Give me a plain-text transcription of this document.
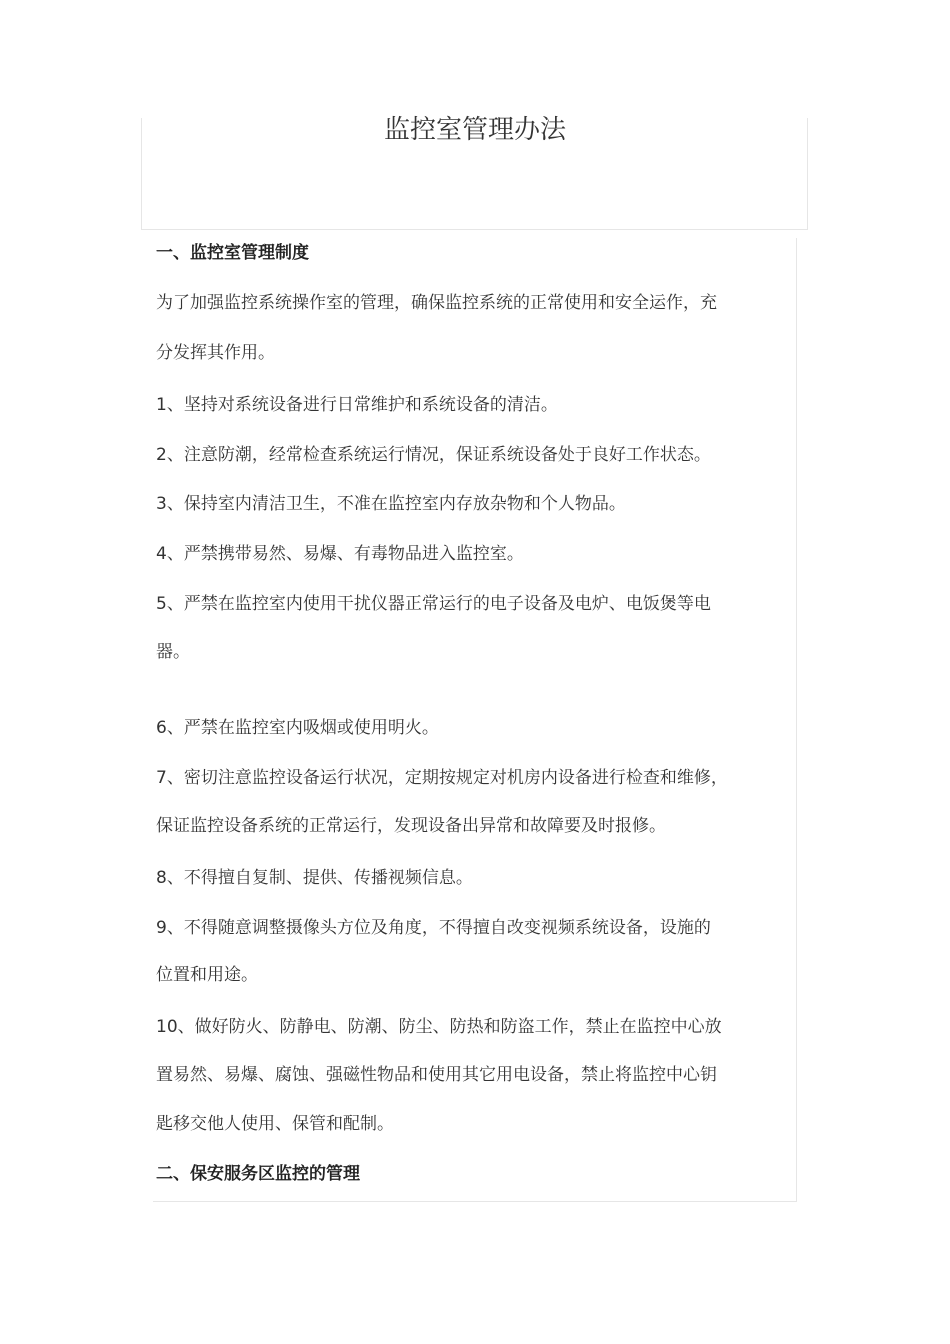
监控室管理办法

一、监控室管理制度

为了加强监控系统操作室的管理，确保监控系统的正常使用和安全运作，充

分发挥其作用。

1、坚持对系统设备进行日常维护和系统设备的清洁。

2、注意防潮，经常检查系统运行情况，保证系统设备处于良好工作状态。

3、保持室内清洁卫生，不准在监控室内存放杂物和个人物品。

4、严禁携带易然、易爆、有毒物品进入监控室。

5、严禁在监控室内使用干扰仪器正常运行的电子设备及电炉、电饭煲等电

器。

6、严禁在监控室内吸烟或使用明火。

7、密切注意监控设备运行状况，定期按规定对机房内设备进行检查和维修，

保证监控设备系统的正常运行，发现设备出异常和故障要及时报修。

8、不得擅自复制、提供、传播视频信息。

9、不得随意调整摄像头方位及角度，不得擅自改变视频系统设备，设施的

位置和用途。

10、做好防火、防静电、防潮、防尘、防热和防盗工作，禁止在监控中心放

置易然、易爆、腐蚀、强磁性物品和使用其它用电设备，禁止将监控中心钥

匙移交他人使用、保管和配制。

二、保安服务区监控的管理
